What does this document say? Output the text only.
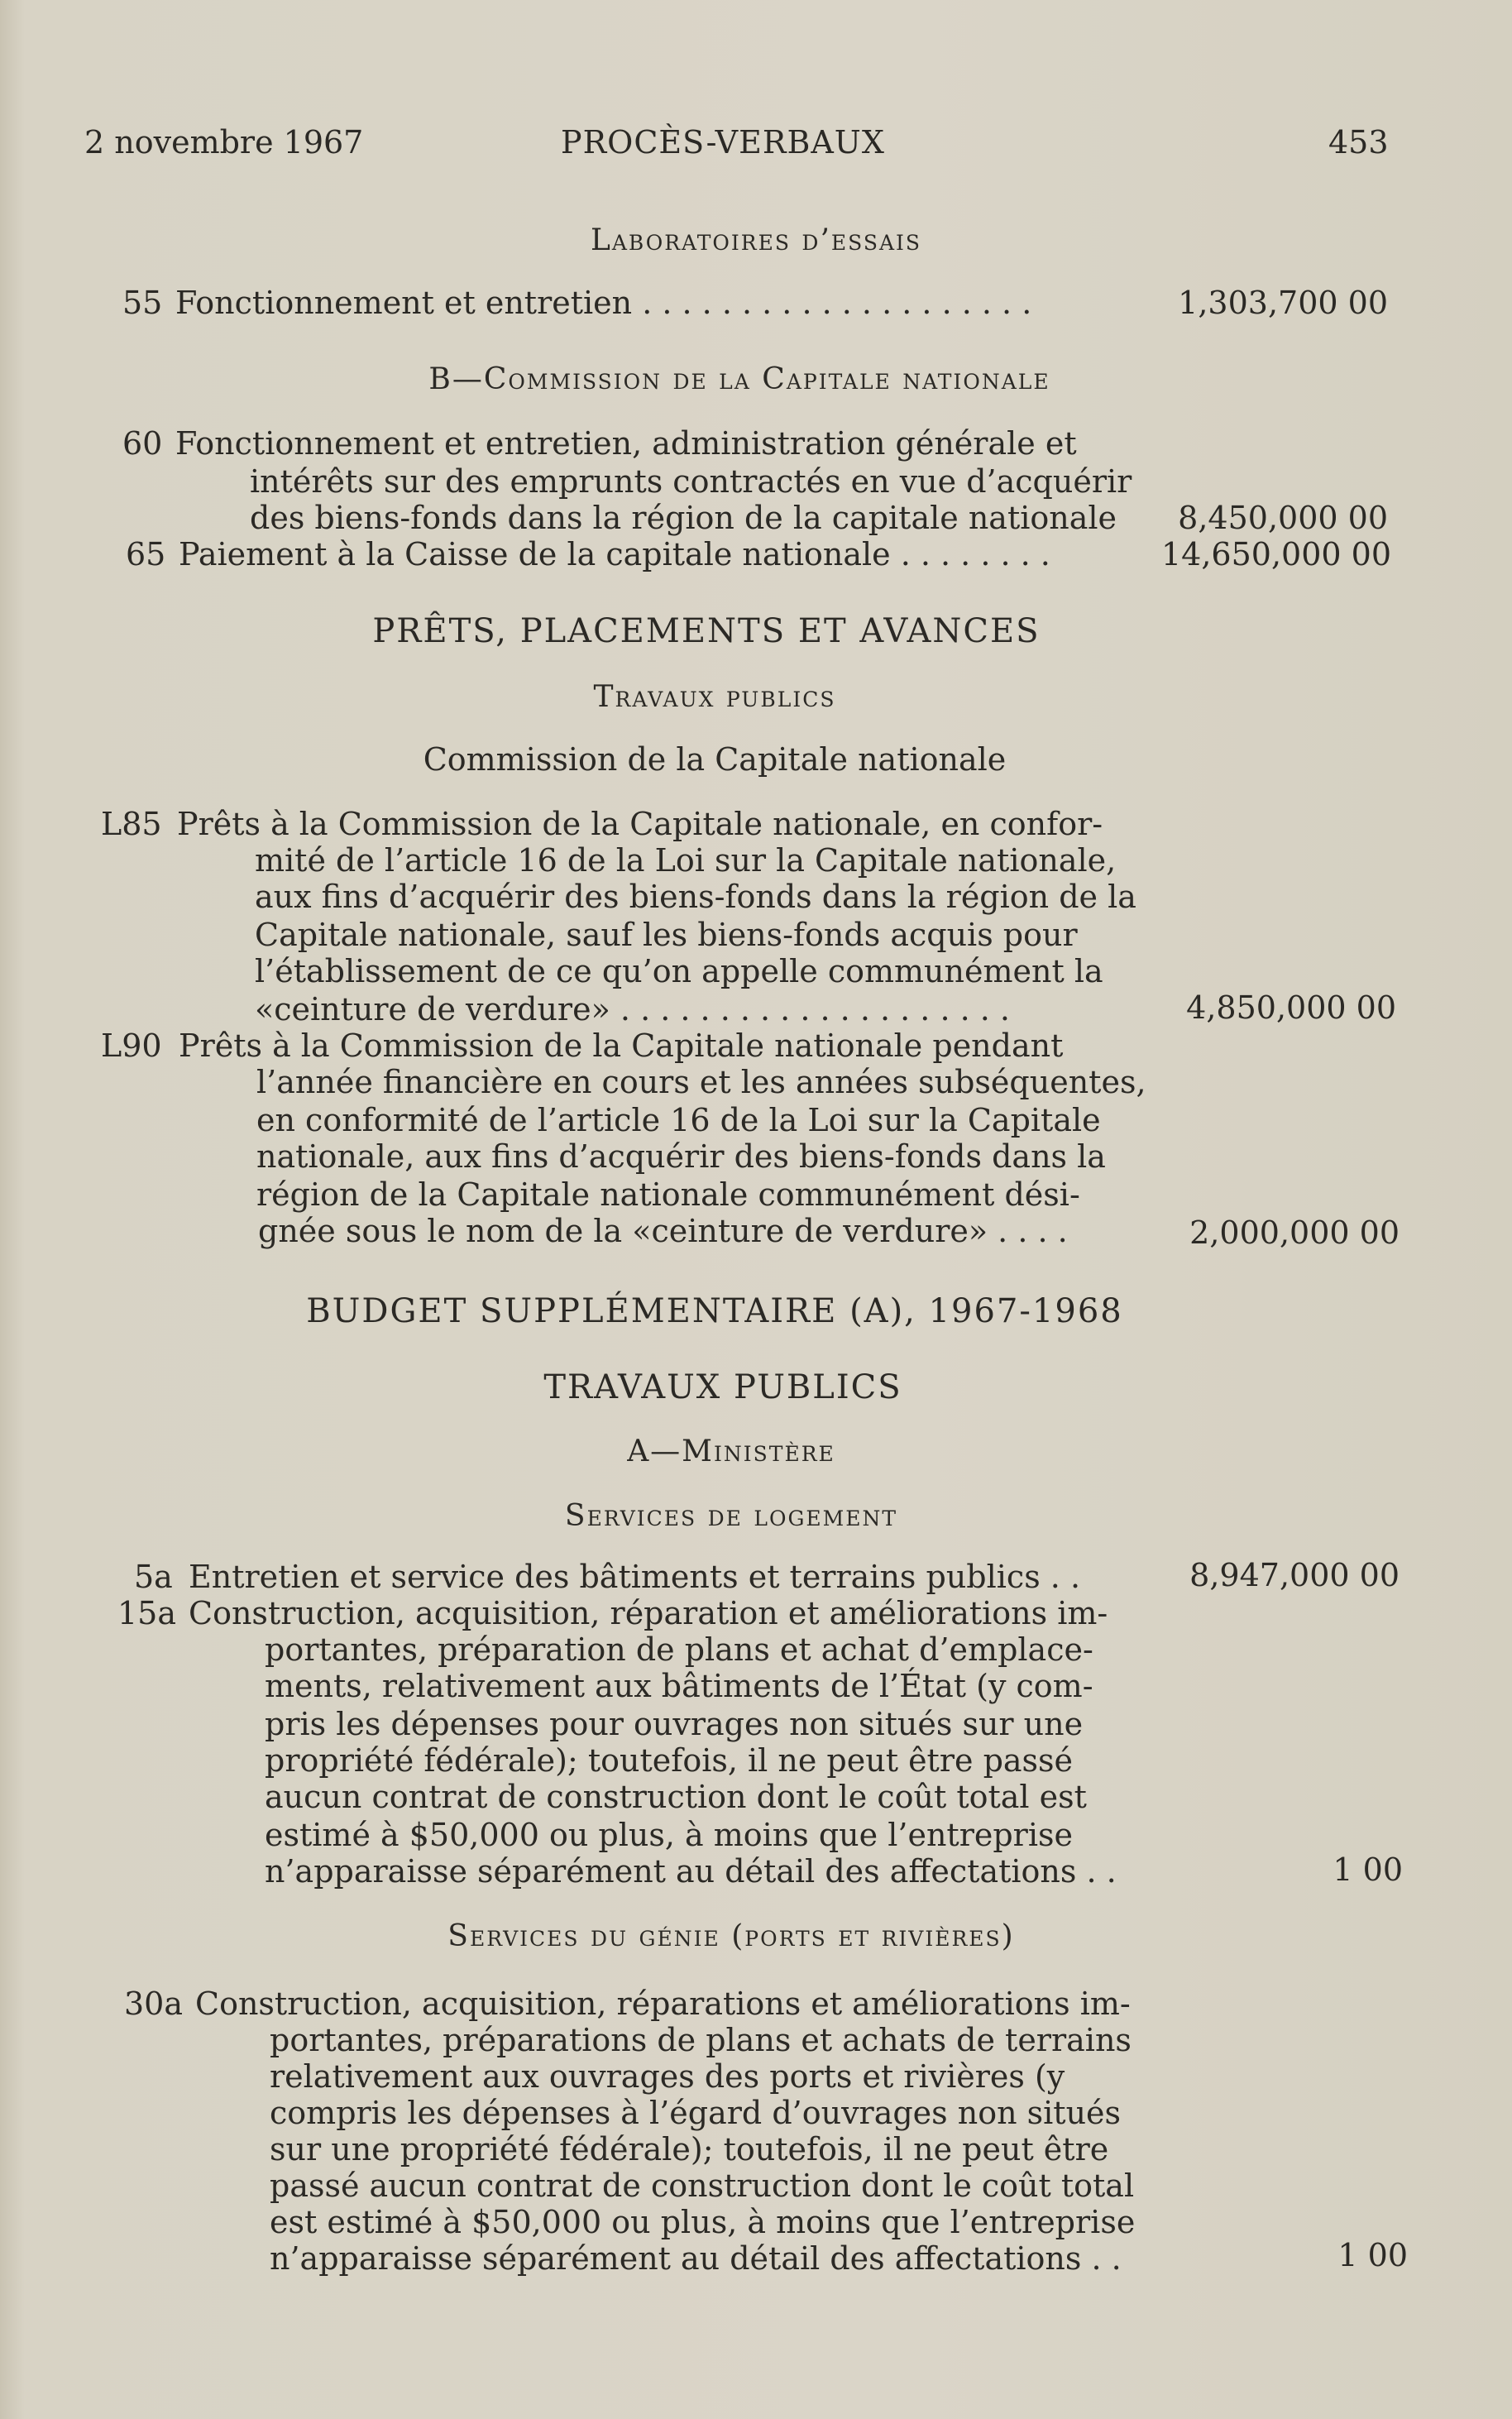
2 novembre 1967	PROCÈS-VERBAUX	453
Laboratoires d’essais
55 Fonctionnement et entretien . . . . . . . . . . . . . . . . . . . .	1,303,700 00
B—Commission de la Capitale nationale
60 Fonctionnement et entretien, administration générale et
intérêts sur des emprunts contractés en vue d’acquérir
des biens-fonds dans la région de la capitale nationale 8,450,000 00
65 Paiement à la Caisse de la capitale nationale . . . . . . . .	14,650,000 00
PRÊTS, PLACEMENTS ET AVANCES
Travaux publics
Commission de la Capitale nationale
L85 Prêts à la Commission de la Capitale nationale, en confor-
mité de l’article 16 de la Loi sur la Capitale nationale,
aux fins d’acquérir des biens-fonds dans la région de la
Capitale nationale, sauf les biens-fonds acquis pour
l’établissement de ce qu’on appelle communément la
«ceinture de verdure» . . . . . . . . . . . . . . . . . . . .	4,850,000 00
L90 Prêts à la Commission de la Capitale nationale pendant
l’année financière en cours et les années subséquentes,
en conformité de l’article 16 de la Loi sur la Capitale
nationale, aux fins d’acquérir des biens-fonds dans la
région de la Capitale nationale communément dési-
gnée sous le nom de la «ceinture de verdure» . . . .	2,000,000 00
BUDGET SUPPLÉMENTAIRE (A), 1967-1968
TRAVAUX PUBLICS
A—Ministère
Services de logement
5a Entretien et service des bâtiments et terrains publics . .	8,947,000 00
15a Construction, acquisition, réparation et améliorations im-
portantes, préparation de plans et achat d’emplace-
ments, relativement aux bâtiments de l’État (y com-
pris les dépenses pour ouvrages non situés sur une
propriété fédérale); toutefois, il ne peut être passé
aucun contrat de construction dont le coût total est
estimé à $50,000 ou plus, à moins que l’entreprise
n’apparaisse séparément au détail des affectations . .	1 00
Services du génie (ports et rivières)
30a Construction, acquisition, réparations et améliorations im-
portantes, préparations de plans et achats de terrains
relativement aux ouvrages des ports et rivières (y
compris les dépenses à l’égard d’ouvrages non situés
sur une propriété fédérale); toutefois, il ne peut être
passé aucun contrat de construction dont le coût total
est estimé à $50,000 ou plus, à moins que l’entreprise
n’apparaisse séparément au détail des affectations . .	1 00
